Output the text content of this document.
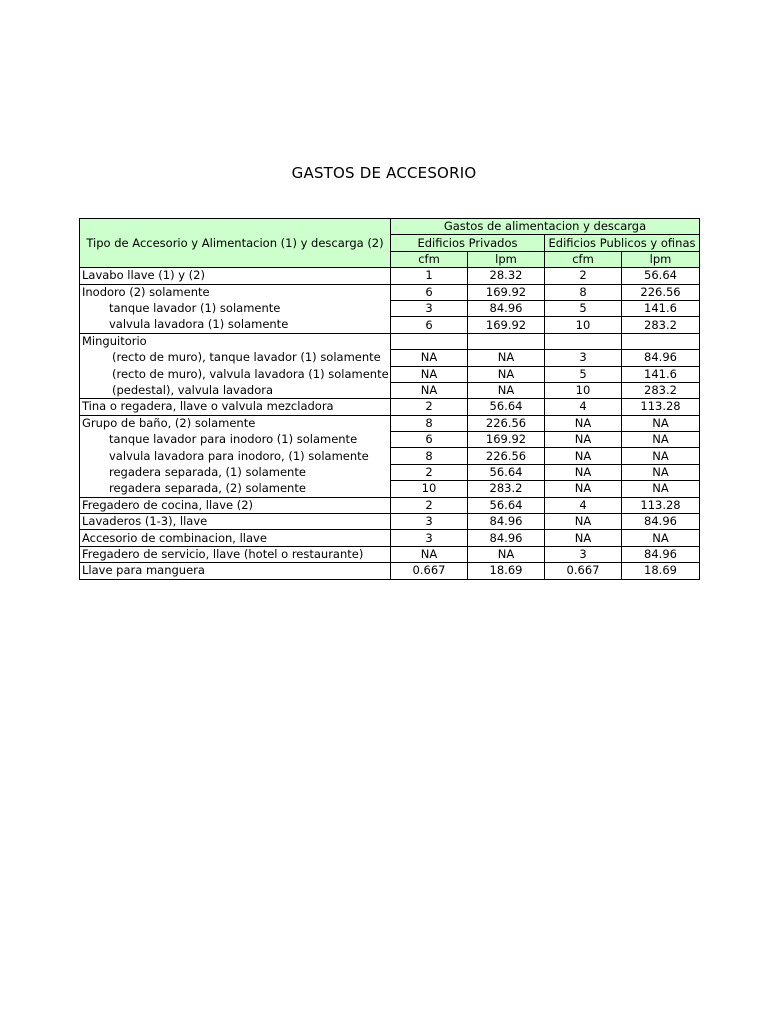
GASTOS DE ACCESORIO
Tipo de Accesorio y Alimentacion (1) y descarga (2)	Gastos de alimentacion y descarga			
	Edificios Privados		Edificios Publicos y ofinas	
	cfm	lpm	cfm	lpm
Lavabo llave (1) y (2)	1	28.32	2	56.64
Inodoro (2) solamente	6	169.92	8	226.56
tanque lavador (1) solamente	3	84.96	5	141.6
valvula lavadora (1) solamente	6	169.92	10	283.2
Minguitorio				
(recto de muro), tanque lavador (1) solamente	NA	NA	3	84.96
(recto de muro), valvula lavadora (1) solamente	NA	NA	5	141.6
(pedestal), valvula lavadora	NA	NA	10	283.2
Tina o regadera, llave o valvula mezcladora	2	56.64	4	113.28
Grupo de baño, (2) solamente	8	226.56	NA	NA
tanque lavador para inodoro (1) solamente	6	169.92	NA	NA
valvula lavadora para inodoro, (1) solamente	8	226.56	NA	NA
regadera separada, (1) solamente	2	56.64	NA	NA
regadera separada, (2) solamente	10	283.2	NA	NA
Fregadero de cocina, llave (2)	2	56.64	4	113.28
Lavaderos (1-3), llave	3	84.96	NA	84.96
Accesorio de combinacion, llave	3	84.96	NA	NA
Fregadero de servicio, llave (hotel o restaurante)	NA	NA	3	84.96
Llave para manguera	0.667	18.69	0.667	18.69
